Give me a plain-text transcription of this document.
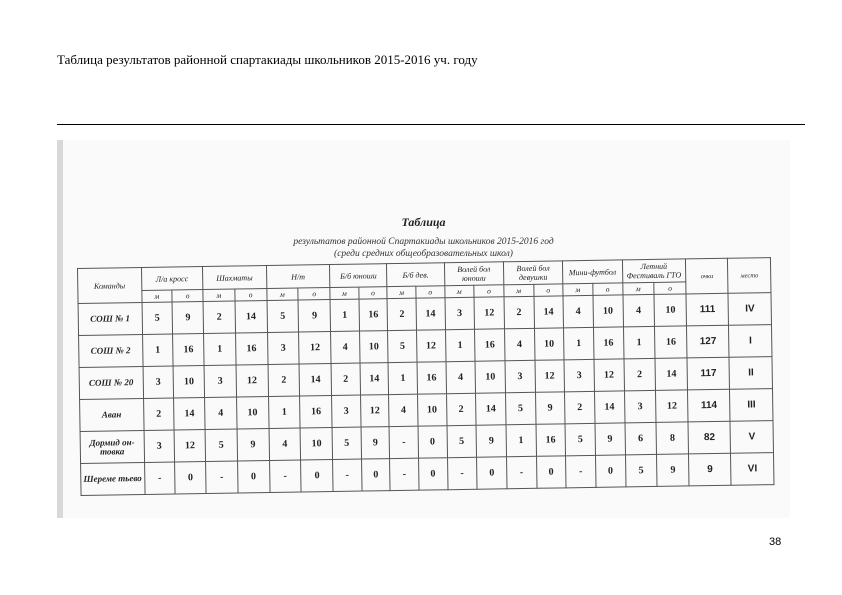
Таблица результатов районной спартакиады школьников 2015-2016 уч. году
Таблица
результатов районной Спартакиады школьников 2015-2016 год
(среди средних общеобразовательных школ)
Команды	Л/а кросс		Шахматы		Н/т		Б/б юноши		Б/б дев.		Волей бол юноши		Волей бол девушки		Мини-футбол		Летний Фестиваль ГТО		очки	место
	м	о	м	о	м	о	м	о	м	о	м	о	м	о	м	о	м	о		
СОШ № 1	5	9	2	14	5	9	1	16	2	14	3	12	2	14	4	10	4	10	111	IV
СОШ № 2	1	16	1	16	3	12	4	10	5	12	1	16	4	10	1	16	1	16	127	I
СОШ № 20	3	10	3	12	2	14	2	14	1	16	4	10	3	12	3	12	2	14	117	II
Аван	2	14	4	10	1	16	3	12	4	10	2	14	5	9	2	14	3	12	114	III
Дормид он-товка	3	12	5	9	4	10	5	9	-	0	5	9	1	16	5	9	6	8	82	V
Шереме тьево	-	0	-	0	-	0	-	0	-	0	-	0	-	0	-	0	5	9	9	VI
38
